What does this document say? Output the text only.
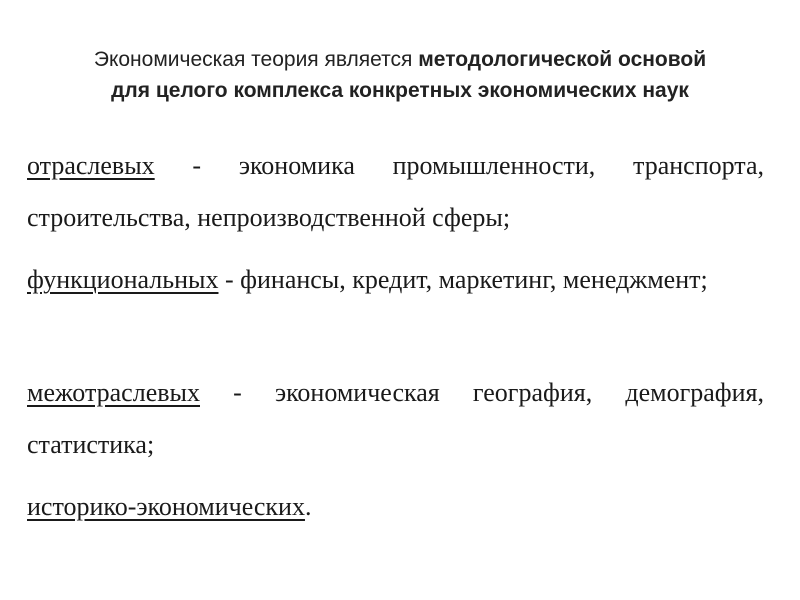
Экономическая теория является методологической основой
для целого комплекса конкретных экономических наук
отраслевых - экономика промышленности, транспорта, строительства, непроизводственной сферы;
функциональных - финансы, кредит, маркетинг, менеджмент;
межотраслевых - экономическая география, демография, статистика;
историко-экономических.
